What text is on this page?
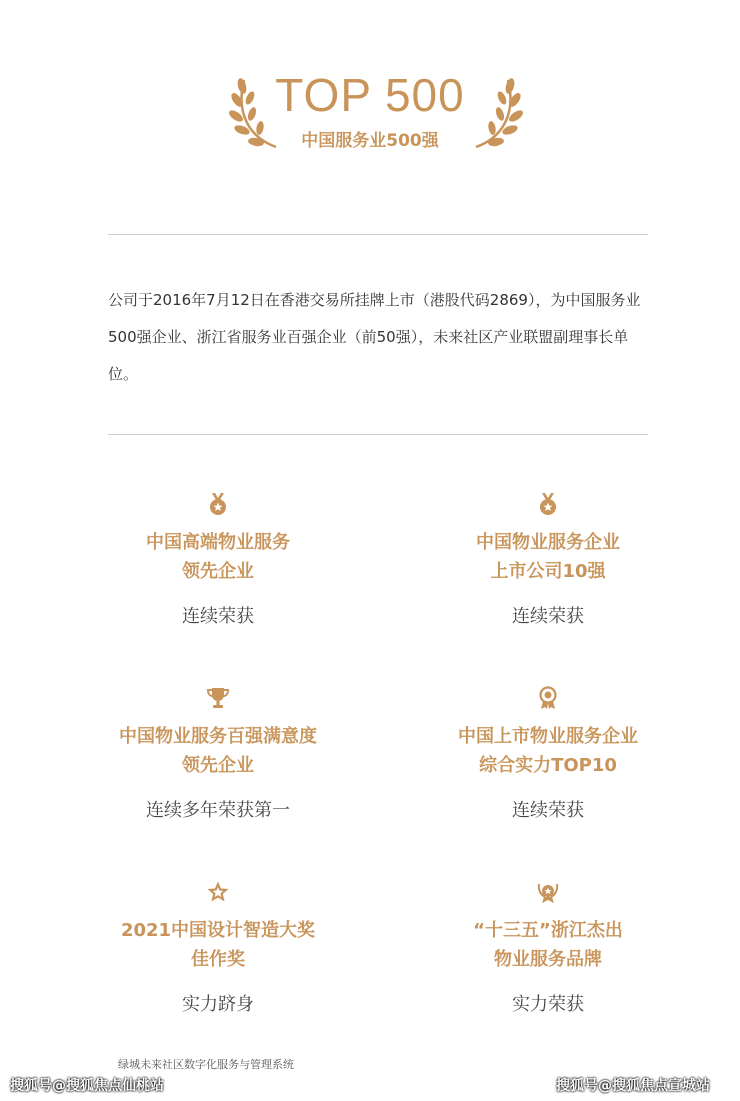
TOP 500
中国服务业500强
公司于2016年7月12日在香港交易所挂牌上市（港股代码2869），为中国服务业500强企业、浙江省服务业百强企业（前50强），未来社区产业联盟副理事长单位。
中国高端物业服务
领先企业
连续荣获
中国物业服务企业
上市公司10强
连续荣获
中国物业服务百强满意度
领先企业
连续多年荣获第一
中国上市物业服务企业
综合实力TOP10
连续荣获
2021中国设计智造大奖
佳作奖
实力跻身
“十三五”浙江杰出
物业服务品牌
实力荣获
绿城未来社区数字化服务与管理系统
搜狐号@搜狐焦点仙桃站	搜狐号@搜狐焦点宣城站
